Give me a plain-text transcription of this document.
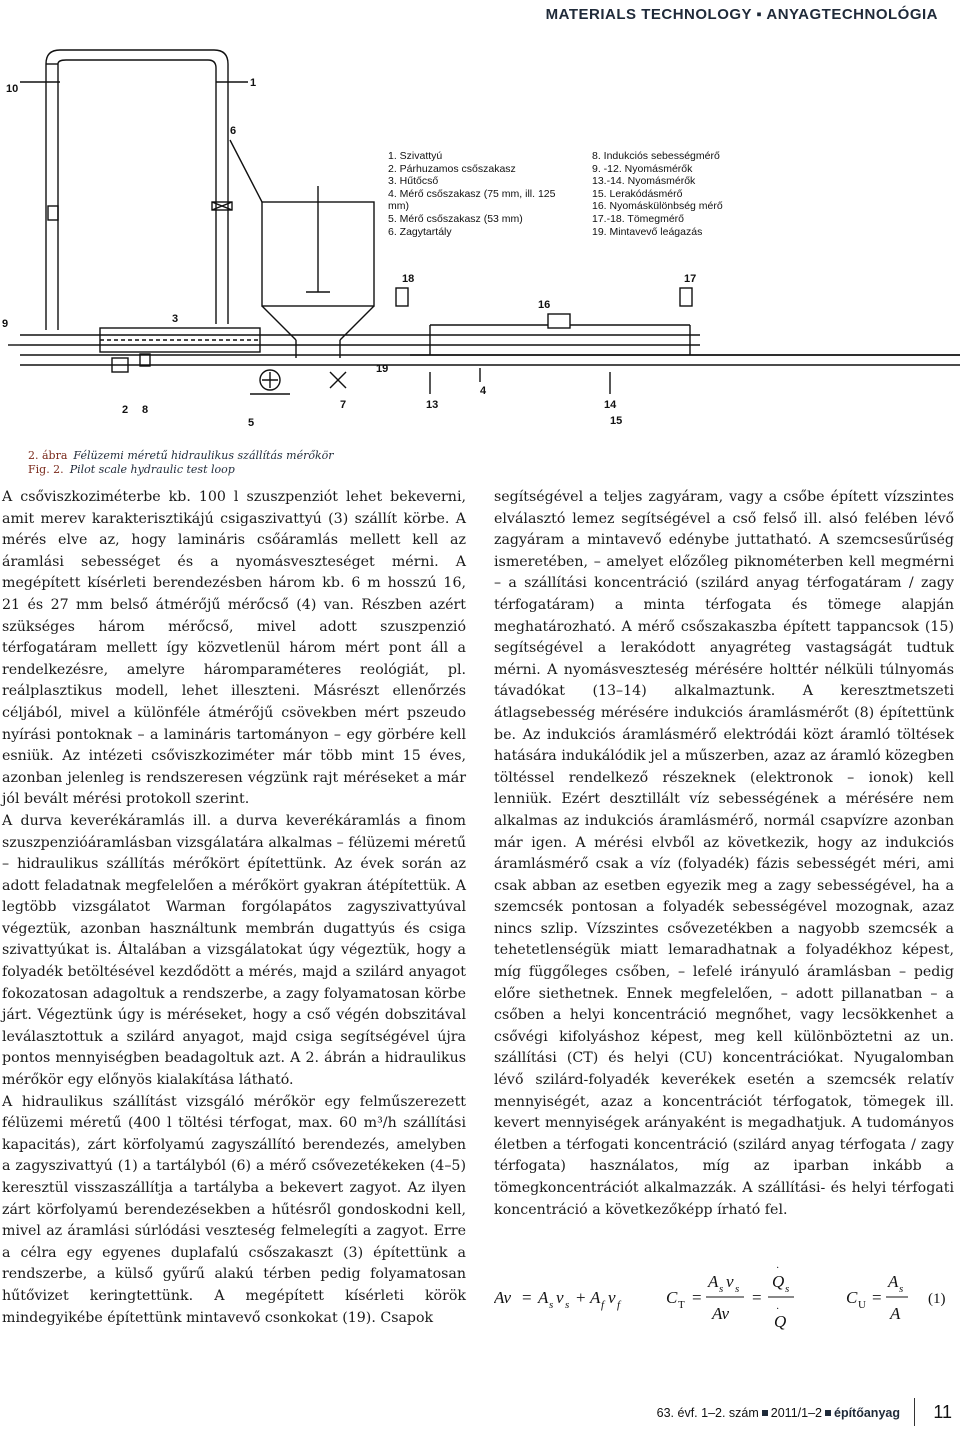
MATERIALS TECHNOLOGY ▪ ANYAGTECHNOLÓGIA
10	1
2 8
3
9
5
7
6
18
16
17
19
4
13	14
15
1. Szivattyú
2. Párhuzamos csőszakasz
3. Hűtőcső
4. Mérő csőszakasz (75 mm, ill. 125
mm)
5. Mérő csőszakasz (53 mm)
6. Zagytartály
8. Indukciós sebességmérő
9. -12. Nyomásmérők
13.-14. Nyomásmérők
15. Lerakódásmérő
16. Nyomáskülönbség mérő
17.-18. Tömegmérő
19. Mintavevő leágazás
2. ábra Félüzemi méretű hidraulikus szállítás mérőkör
Fig. 2. Pilot scale hydraulic test loop

A csőviszkoziméterbe kb. 100 l szuszpenziót lehet bekeverni, amit merev karakterisztikájú csigaszivattyú (3) szállít körbe. A mérés elve az, hogy lamináris csőáramlás mellett kell az áramlási sebességet és a nyomásveszteséget mérni. A megépített kísérleti berendezésben három kb. 6 m hosszú 16, 21 és 27 mm belső átmérőjű mérőcső (4) van. Részben azért szükséges három mérőcső, mivel adott szuszpenzió térfogatáram mellett így közvetlenül három mért pont áll a rendelkezésre, amelyre háromparaméteres reológiát, pl. reálplasztikus modell, lehet illeszteni. Másrészt ellenőrzés céljából, mivel a különféle átmérőjű csövekben mért pszeudo nyírási pontoknak – a lamináris tartományon – egy görbére kell esniük. Az intézeti csőviszkoziméter már több mint 15 éves, azonban jelenleg is rendszeresen végzünk rajt méréseket a már jól bevált mérési protokoll szerint.

A durva keverékáramlás ill. a durva keverékáramlás a finom szuszpenzióáramlásban vizsgálatára alkalmas – félüzemi méretű – hidraulikus szállítás mérőkört építettünk. Az évek során az adott feladatnak megfelelően a mérőkört gyakran átépítettük. A legtöbb vizsgálatot Warman forgólapátos zagyszivattyúval végeztük, azonban használtunk membrán dugattyús és csiga szivattyúkat is. Általában a vizsgálatokat úgy végeztük, hogy a folyadék betöltésével kezdődött a mérés, majd a szilárd anyagot fokozatosan adagoltuk a rendszerbe, a zagy folyamatosan körbe járt. Végeztünk úgy is méréseket, hogy a cső végén dobszitával leválasztottuk a szilárd anyagot, majd csiga segítségével újra pontos mennyiségben beadagoltuk azt. A 2. ábrán a hidraulikus mérőkör egy előnyös kialakítása látható.

A hidraulikus szállítást vizsgáló mérőkör egy felműszerezett félüzemi méretű (400 l töltési térfogat, max. 60 m³/h szállítási kapacitás), zárt körfolyamú zagyszállító berendezés, amelyben a zagyszivattyú (1) a tartályból (6) a mérő csővezetékeken (4–5) keresztül visszaszállítja a tartályba a bekevert zagyot. Az ilyen zárt körfolyamú berendezésekben a hűtésről gondoskodni kell, mivel az áramlási súrlódási veszteség felmelegíti a zagyot. Erre a célra egy egyenes duplafalú csőszakaszt (3) építettünk a rendszerbe, a külső gyűrű alakú térben pedig folyamatosan hűtővizet keringtettünk. A megépített kísérleti körök mindegyikébe építettünk mintavevő csonkokat (19). Csapok

segítségével a teljes zagyáram, vagy a csőbe épített vízszintes elválasztó lemez segítségével a cső felső ill. alsó felében lévő zagyáram a mintavevő edénybe juttatható. A szemcsesűrűség ismeretében, – amelyet előzőleg piknométerben kell megmérni – a szállítási koncentráció (szilárd anyag térfogatáram / zagy térfogatáram) a minta térfogata és tömege alapján meghatározható. A mérő csőszakaszba épített tappancsok (15) segítségével a lerakódott anyagréteg vastagságát tudtuk mérni. A nyomásveszteség mérésére holttér nélküli túlnyomás távadókat (13–14) alkalmaztunk. A keresztmetszeti átlagsebesség mérésére indukciós áramlásmérőt (8) építettünk be. Az indukciós áramlásmérő elektródái közt áramló töltések hatására indukálódik jel a műszerben, azaz az áramló közegben töltéssel rendelkező részeknek (elektronok – ionok) kell lenniük. Ezért desztillált víz sebességének a mérésére nem alkalmas az indukciós áramlásmérő, normál csapvízre azonban már igen. A mérési elvből az következik, hogy az indukciós áramlásmérő csak a víz (folyadék) fázis sebességét méri, ami csak abban az esetben egyezik meg a zagy sebességével, ha a szemcsék pontosan a folyadék sebességével mozognak, azaz nincs szlip. Vízszintes csővezetékben a nagyobb szemcsék a tehetetlenségük miatt lemaradhatnak a folyadékhoz képest, míg függőleges csőben, – lefelé irányuló áramlásban – pedig előre siethetnek. Ennek megfelelően, – adott pillanatban – a csőben a helyi koncentráció megnőhet, vagy lecsökkenhet a csővégi kifolyáshoz képest, meg kell különböztetni az un. szállítási (CT) és helyi (CU) koncentrációkat. Nyugalomban lévő szilárd-folyadék keverékek esetén a szemcsék relatív mennyiségét, azaz a koncentrációt térfogatok, tömegek ill. kevert mennyiségek arányaként is megadhatjuk. A tudományos életben a térfogati koncentráció (szilárd anyag térfogata / zagy térfogata) használatos, míg az iparban inkább a tömegkoncentrációt alkalmazzák. A szállítási- és helyi térfogati koncentráció a következőképp írható fel.

Av = A s v s + A f v f	C T =
A s v s
Av
=
·
Q s
·
Q
C U =
A s
A
(1)
63. évf. 1–2. szám 2011/1–2 építőanyag 11
